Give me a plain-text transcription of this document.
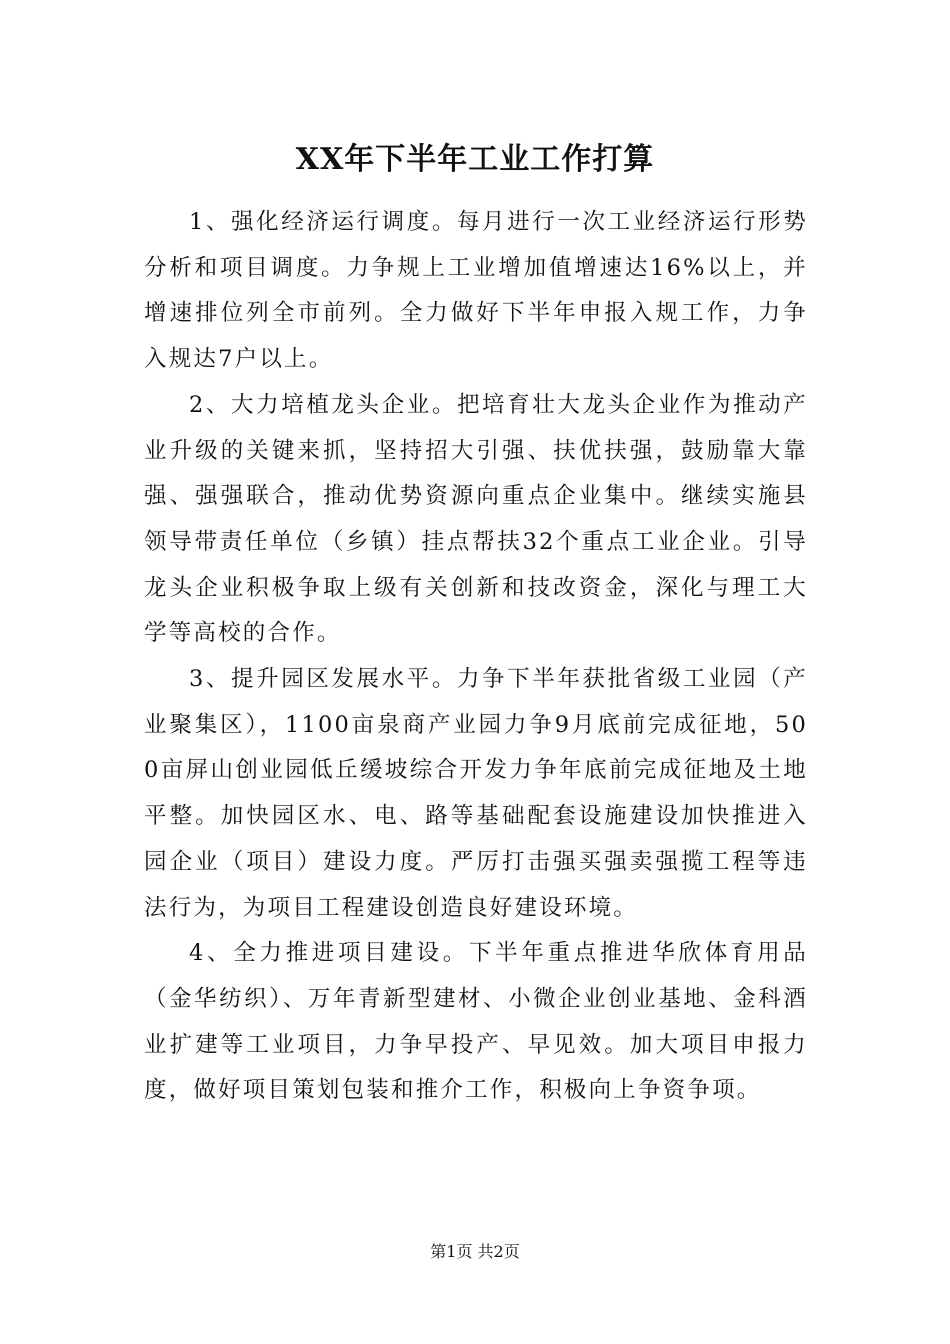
XX年下半年工业工作打算

1、强化经济运行调度。每月进行一次工业经济运行形势分析和项目调度。力争规上工业增加值增速达16%以上，并增速排位列全市前列。全力做好下半年申报入规工作，力争入规达7户以上。

2、大力培植龙头企业。把培育壮大龙头企业作为推动产业升级的关键来抓，坚持招大引强、扶优扶强，鼓励靠大靠强、强强联合，推动优势资源向重点企业集中。继续实施县领导带责任单位（乡镇）挂点帮扶32个重点工业企业。引导龙头企业积极争取上级有关创新和技改资金，深化与理工大学等高校的合作。

3、提升园区发展水平。力争下半年获批省级工业园（产业聚集区），1100亩泉商产业园力争9月底前完成征地，500亩屏山创业园低丘缓坡综合开发力争年底前完成征地及土地平整。加快园区水、电、路等基础配套设施建设加快推进入园企业（项目）建设力度。严厉打击强买强卖强揽工程等违法行为，为项目工程建设创造良好建设环境。

4、全力推进项目建设。下半年重点推进华欣体育用品（金华纺织）、万年青新型建材、小微企业创业基地、金科酒业扩建等工业项目，力争早投产、早见效。加大项目申报力度，做好项目策划包装和推介工作，积极向上争资争项。

第1页 共2页
